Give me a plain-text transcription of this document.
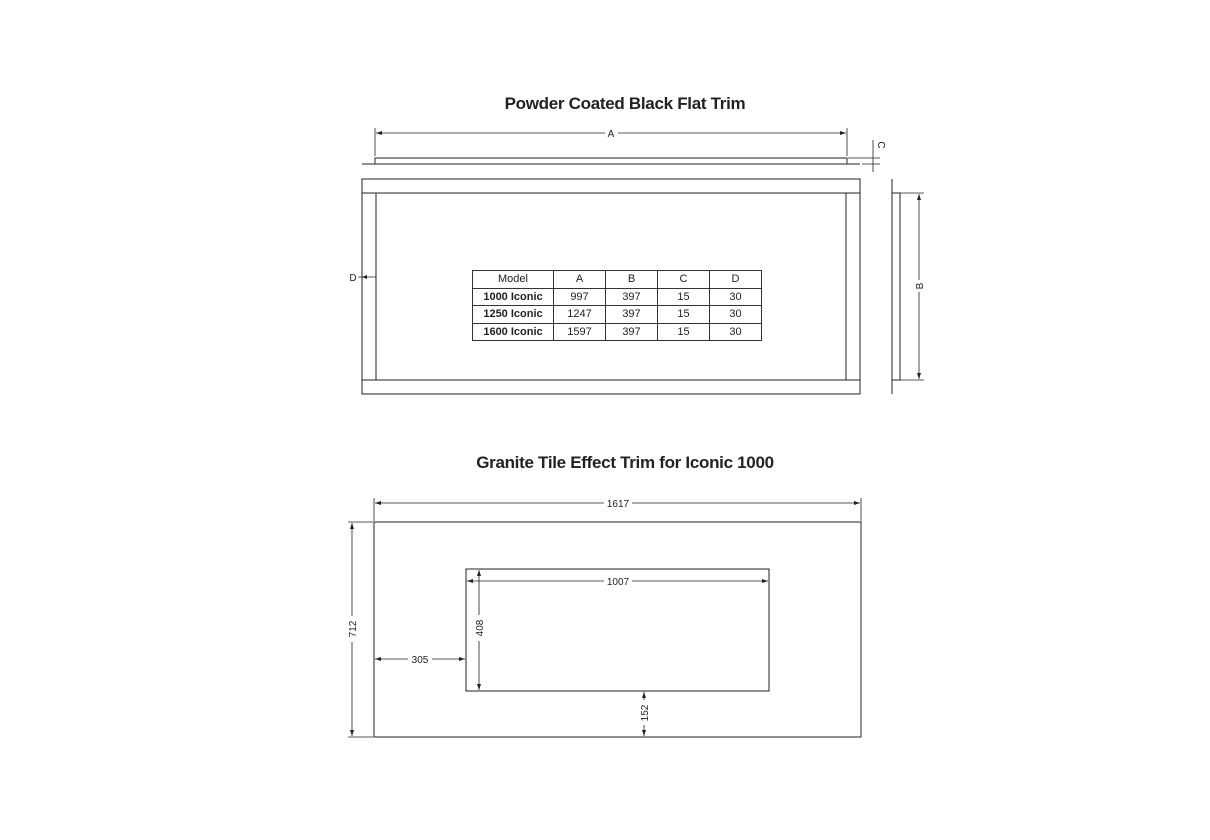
Powder Coated Black Flat Trim
Granite Tile Effect Trim for Iconic 1000
A
C
D
B
1617
712
1007
408
305
152
Model	A	B	C	D
1000 Iconic	997	397	15	30
1250 Iconic	1247	397	15	30
1600 Iconic	1597	397	15	30
